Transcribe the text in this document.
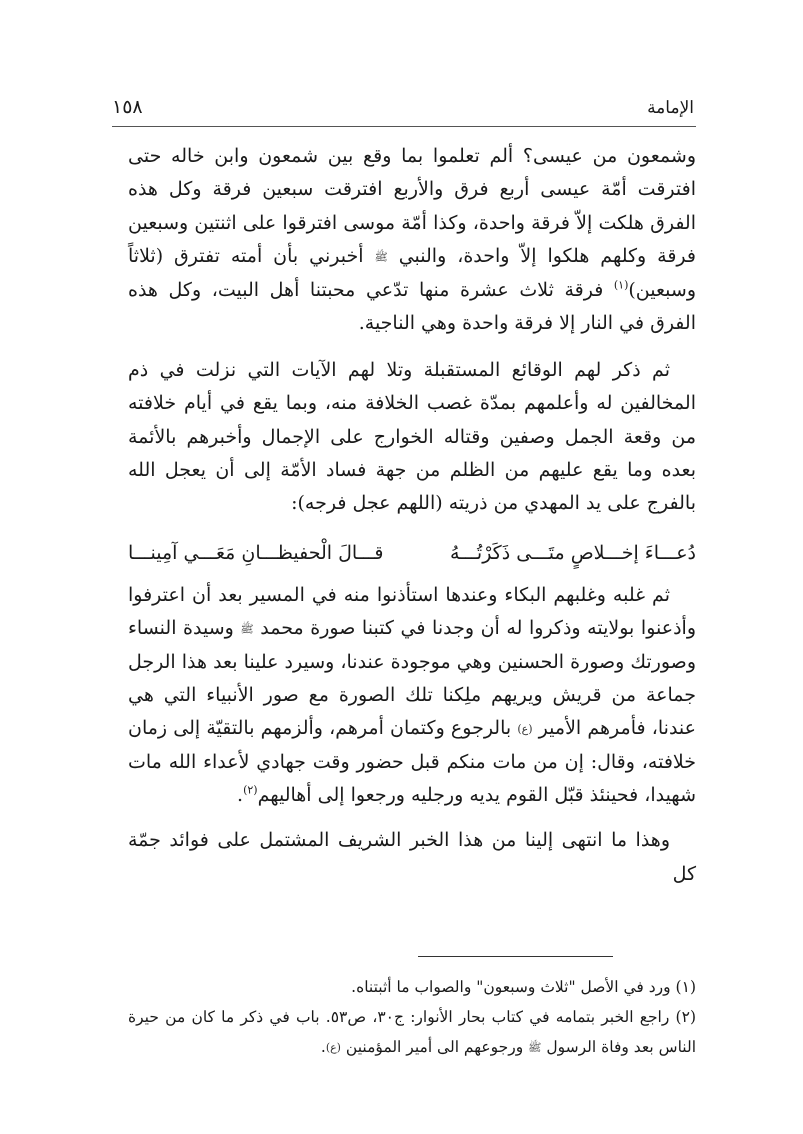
١٥٨	الإمامة

وشمعون من عيسى؟ ألم تعلموا بما وقع بين شمعون وابن خاله حتى افترقت أمّة عيسى أربع فرق والأربع افترقت سبعين فرقة وكل هذه الفرق هلكت إلاّ فرقة واحدة، وكذا أمّة موسى افترقوا على اثنتين وسبعين فرقة وكلهم هلكوا إلاّ واحدة، والنبي ﷺ أخبرني بأن أمته تفترق (ثلاثاً وسبعين)$^{(١)}$ فرقة ثلاث عشرة منها تدّعي محبتنا أهل البيت، وكل هذه الفرق في النار إلا فرقة واحدة وهي الناجية.

ثم ذكر لهم الوقائع المستقبلة وتلا لهم الآيات التي نزلت في ذم المخالفين له وأعلمهم بمدّة غصب الخلافة منه، وبما يقع في أيام خلافته من وقعة الجمل وصفين وقتاله الخوارج على الإجمال وأخبرهم بالأئمة بعده وما يقع عليهم من الظلم من جهة فساد الأمّة إلى أن يعجل الله بالفرج على يد المهدي من ذريته (اللهم عجل فرجه):

دُعـــاءَ إخـــلاصٍ متَـــى ذَكَرْتُـــهُ
قـــالَ الْحفيظـــانِ مَعَـــي آمِينـــا

ثم غلبه وغلبهم البكاء وعندها استأذنوا منه في المسير بعد أن اعترفوا وأذعنوا بولايته وذكروا له أن وجدنا في كتبنا صورة محمد ﷺ وسيدة النساء وصورتك وصورة الحسنين وهي موجودة عندنا، وسيرد علينا بعد هذا الرجل جماعة من قريش ويريهم ملِكنا تلك الصورة مع صور الأنبياء التي هي عندنا، فأمرهم الأمير (ع) بالرجوع وكتمان أمرهم، وألزمهم بالتقيّة إلى زمان خلافته، وقال: إن من مات منكم قبل حضور وقت جهادي لأعداء الله مات شهيدا، فحينئذ قبّل القوم يديه ورجليه ورجعوا إلى أهاليهم$^{(٢)}$.

وهذا ما انتهى إلينا من هذا الخبر الشريف المشتمل على فوائد جمّة كل

(١) ورد في الأصل "ثلاث وسبعون" والصواب ما أثبتناه.

(٢) راجع الخبر بتمامه في كتاب بحار الأنوار: ج٣٠، ص٥٣. باب في ذكر ما كان من حيرة الناس بعد وفاة الرسول ﷺ ورجوعهم الى أمير المؤمنين (ع).
